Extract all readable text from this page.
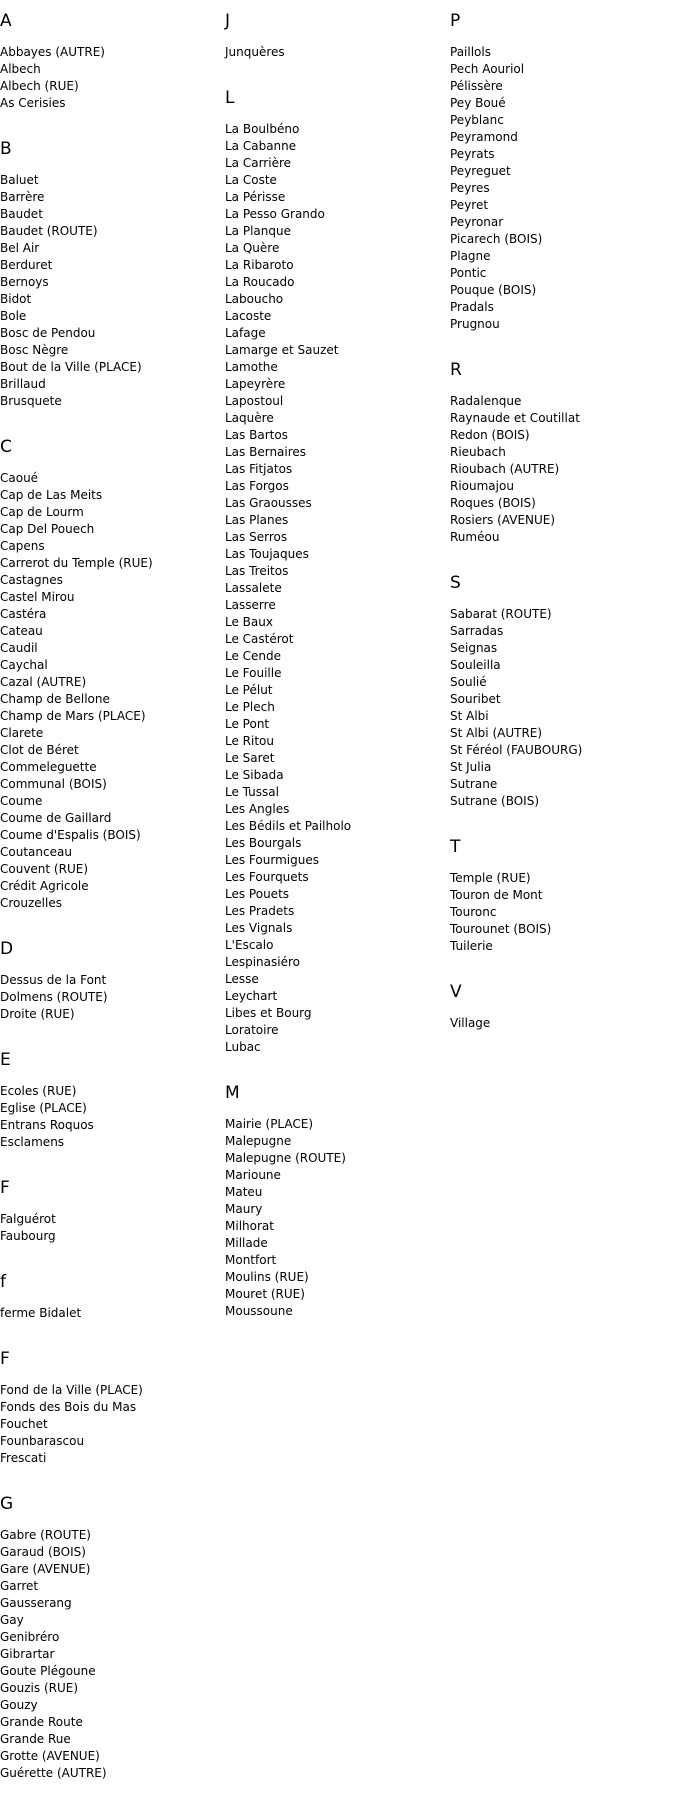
A
Abbayes (AUTRE)
Albech
Albech (RUE)
As Cerisies
B
Baluet
Barrère
Baudet
Baudet (ROUTE)
Bel Air
Berduret
Bernoys
Bidot
Bole
Bosc de Pendou
Bosc Nègre
Bout de la Ville (PLACE)
Brillaud
Brusquete
C
Caoué
Cap de Las Meits
Cap de Lourm
Cap Del Pouech
Capens
Carrerot du Temple (RUE)
Castagnes
Castel Mirou
Castéra
Cateau
Caudil
Caychal
Cazal (AUTRE)
Champ de Bellone
Champ de Mars (PLACE)
Clarete
Clot de Béret
Commeleguette
Communal (BOIS)
Coume
Coume de Gaillard
Coume d'Espalis (BOIS)
Coutanceau
Couvent (RUE)
Crédit Agricole
Crouzelles
D
Dessus de la Font
Dolmens (ROUTE)
Droite (RUE)
E
Ecoles (RUE)
Eglise (PLACE)
Entrans Roquos
Esclamens
F
Falguérot
Faubourg
f
ferme Bidalet
F
Fond de la Ville (PLACE)
Fonds des Bois du Mas
Fouchet
Founbarascou
Frescati
G
Gabre (ROUTE)
Garaud (BOIS)
Gare (AVENUE)
Garret
Gausserang
Gay
Genibréro
Gibrartar
Goute Plégoune
Gouzis (RUE)
Gouzy
Grande Route
Grande Rue
Grotte (AVENUE)
Guérette (AUTRE)
J
Junquères
L
La Boulbéno
La Cabanne
La Carrière
La Coste
La Périsse
La Pesso Grando
La Planque
La Quère
La Ribaroto
La Roucado
Laboucho
Lacoste
Lafage
Lamarge et Sauzet
Lamothe
Lapeyrère
Lapostoul
Laquère
Las Bartos
Las Bernaires
Las Fitjatos
Las Forgos
Las Graousses
Las Planes
Las Serros
Las Toujaques
Las Treitos
Lassalete
Lasserre
Le Baux
Le Castérot
Le Cende
Le Fouille
Le Pélut
Le Plech
Le Pont
Le Ritou
Le Saret
Le Sibada
Le Tussal
Les Angles
Les Bédils et Pailholo
Les Bourgals
Les Fourmigues
Les Fourquets
Les Pouets
Les Pradets
Les Vignals
L'Escalo
Lespinasiéro
Lesse
Leychart
Libes et Bourg
Loratoire
Lubac
M
Mairie (PLACE)
Malepugne
Malepugne (ROUTE)
Marioune
Mateu
Maury
Milhorat
Millade
Montfort
Moulins (RUE)
Mouret (RUE)
Moussoune
P
Paillols
Pech Aouriol
Pélissère
Pey Boué
Peyblanc
Peyramond
Peyrats
Peyreguet
Peyres
Peyret
Peyronar
Picarech (BOIS)
Plagne
Pontic
Pouque (BOIS)
Pradals
Prugnou
R
Radalenque
Raynaude et Coutillat
Redon (BOIS)
Rieubach
Rioubach (AUTRE)
Rioumajou
Roques (BOIS)
Rosiers (AVENUE)
Ruméou
S
Sabarat (ROUTE)
Sarradas
Seignas
Souleilla
Soulié
Souribet
St Albi
St Albi (AUTRE)
St Féréol (FAUBOURG)
St Julia
Sutrane
Sutrane (BOIS)
T
Temple (RUE)
Touron de Mont
Touronc
Tourounet (BOIS)
Tuilerie
V
Village
